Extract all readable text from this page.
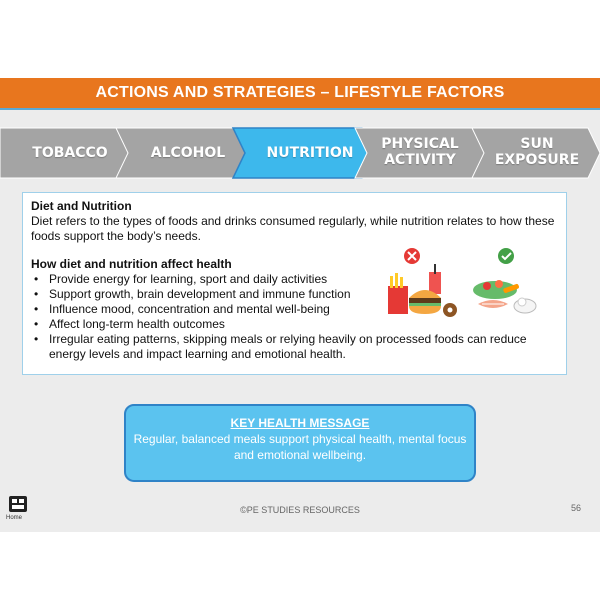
ACTIONS AND STRATEGIES – LIFESTYLE FACTORS
TOBACCO	ALCOHOL	NUTRITION
PHYSICAL ACTIVITY
SUN EXPOSURE
Diet and Nutrition
Diet refers to the types of foods and drinks consumed regularly, while nutrition relates to how these foods support the body’s needs.
How diet and nutrition affect health
• Provide energy for learning, sport and daily activities
• Support growth, brain development and immune function
• Influence mood, concentration and mental well-being
• Affect long-term health outcomes
• Irregular eating patterns, skipping meals or relying heavily on processed foods can reduce energy levels and impact learning and emotional health.
KEY HEALTH MESSAGE
Regular, balanced meals support physical health, mental focus and emotional wellbeing.
Home
©PE STUDIES RESOURCES	56
